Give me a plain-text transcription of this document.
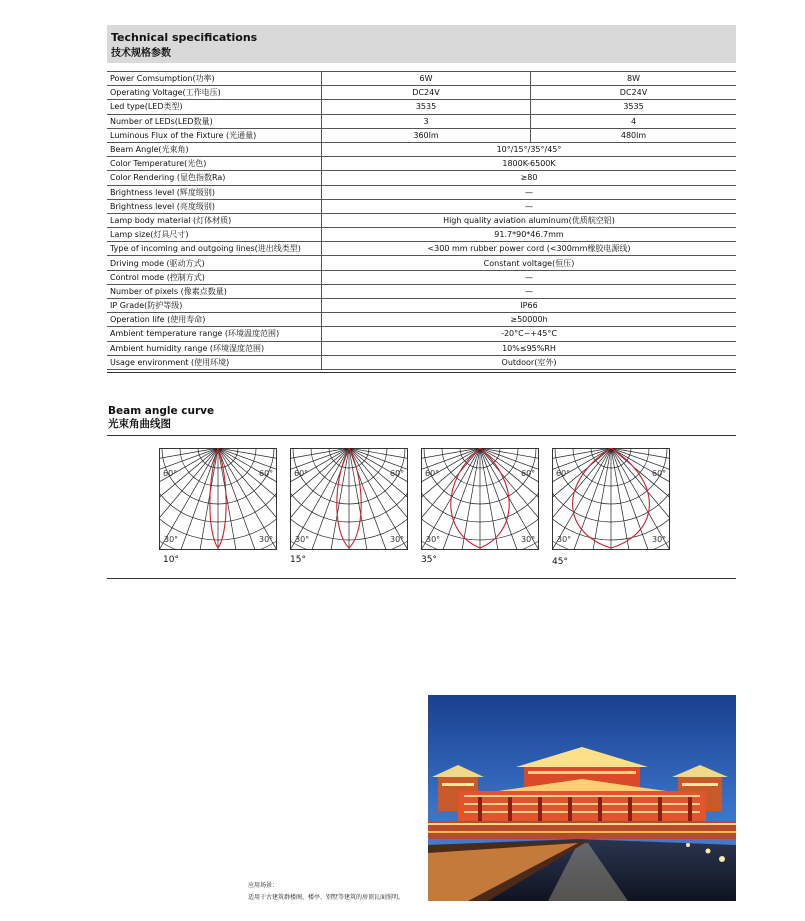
Technical specifications
技术规格参数
Power Comsumption(功率)	6W	8W
Operating Voltage(工作电压)	DC24V	DC24V
Led type(LED类型)	3535	3535
Number of LEDs(LED数量)	3	4
Luminous Flux of the Fixture (光通量)	360lm	480lm
Beam Angle(光束角)	10°/15°/35°/45°	
Color Temperature(光色)	1800K-6500K	
Color Rendering (显色指数Ra)	≥80	
Brightness level (辉度级别)	—	
Brightness level (亮度级别)	—	
Lamp body material (灯体材质)	High quality aviation aluminum(优质航空铝)	
Lamp size(灯具尺寸)	91.7*90*46.7mm	
Type of incoming and outgoing lines(进出线类型)	<300 mm rubber power cord (<300mm橡胶电源线)	
Driving mode (驱动方式)	Constant voltage(恒压)	
Control mode (控制方式)	—	
Number of pixels (像素点数量)	—	
IP Grade(防护等级)	IP66	
Operation life (使用寿命)	≥50000h	
Ambient temperature range (环境温度范围)	-20°C~+45°C	
Ambient humidity range (环境湿度范围)	10%≤95%RH	
Usage environment (使用环境)	Outdoor(室外)	
Beam angle curve
光束角曲线图
60°	60°
30°	30°
10°
60°	60°
30°	30°
15°
60°	60°
30°	30°
35°
60°	60°
30°	30°
45°
应用场景：
适用于古建筑群楼阁、楼亭、别墅等建筑的房顶瓦面照明。
